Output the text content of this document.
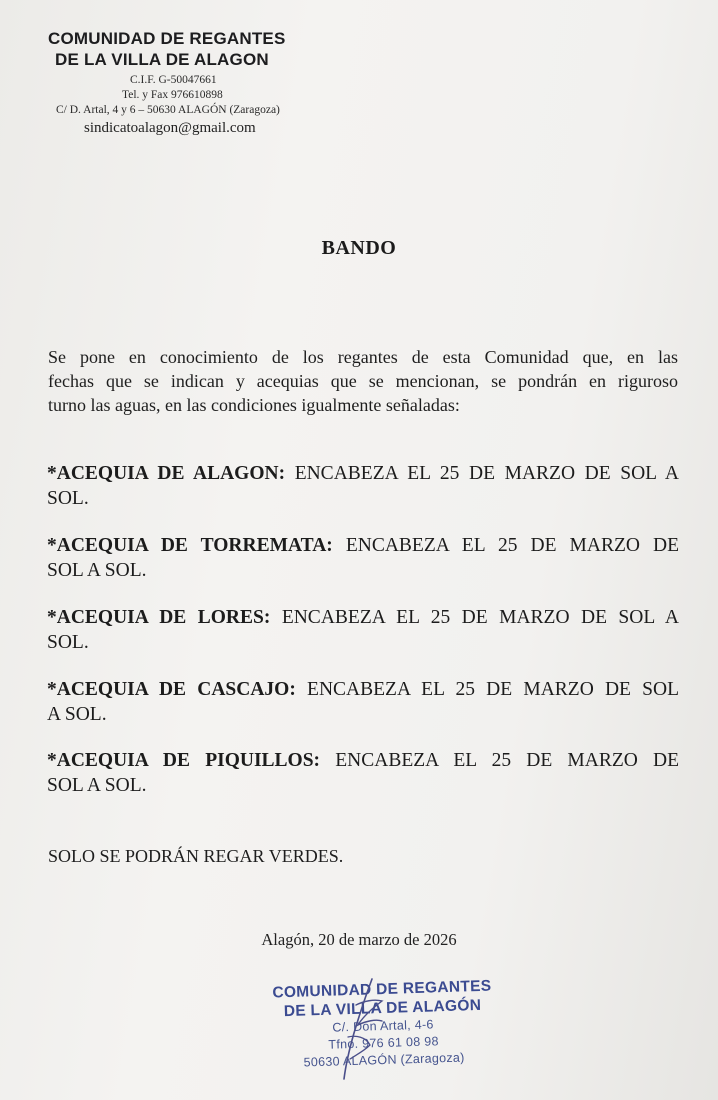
COMUNIDAD DE REGANTES
DE LA VILLA DE ALAGON
C.I.F. G-50047661
Tel. y Fax 976610898
C/ D. Artal, 4 y 6 – 50630 ALAGÓN (Zaragoza)
sindicatoalagon@gmail.com
BANDO
Se pone en conocimiento de los regantes de esta Comunidad que, en las
fechas que se indican y acequias que se mencionan, se pondrán en riguroso
turno las aguas, en las condiciones igualmente señaladas:
*ACEQUIA DE ALAGON: ENCABEZA EL 25 DE MARZO DE SOL A
SOL.
*ACEQUIA DE TORREMATA: ENCABEZA EL 25 DE MARZO DE
SOL A SOL.
*ACEQUIA DE LORES: ENCABEZA EL 25 DE MARZO DE SOL A
SOL.
*ACEQUIA DE CASCAJO: ENCABEZA EL 25 DE MARZO DE SOL
A SOL.
*ACEQUIA DE PIQUILLOS: ENCABEZA EL 25 DE MARZO DE
SOL A SOL.
SOLO SE PODRÁN REGAR VERDES.
Alagón, 20 de marzo de 2026
COMUNIDAD DE REGANTES
DE LA VILLA DE ALAGÓN
C/. Don Artal, 4-6
Tfno. 976 61 08 98
50630 ALAGÓN (Zaragoza)
